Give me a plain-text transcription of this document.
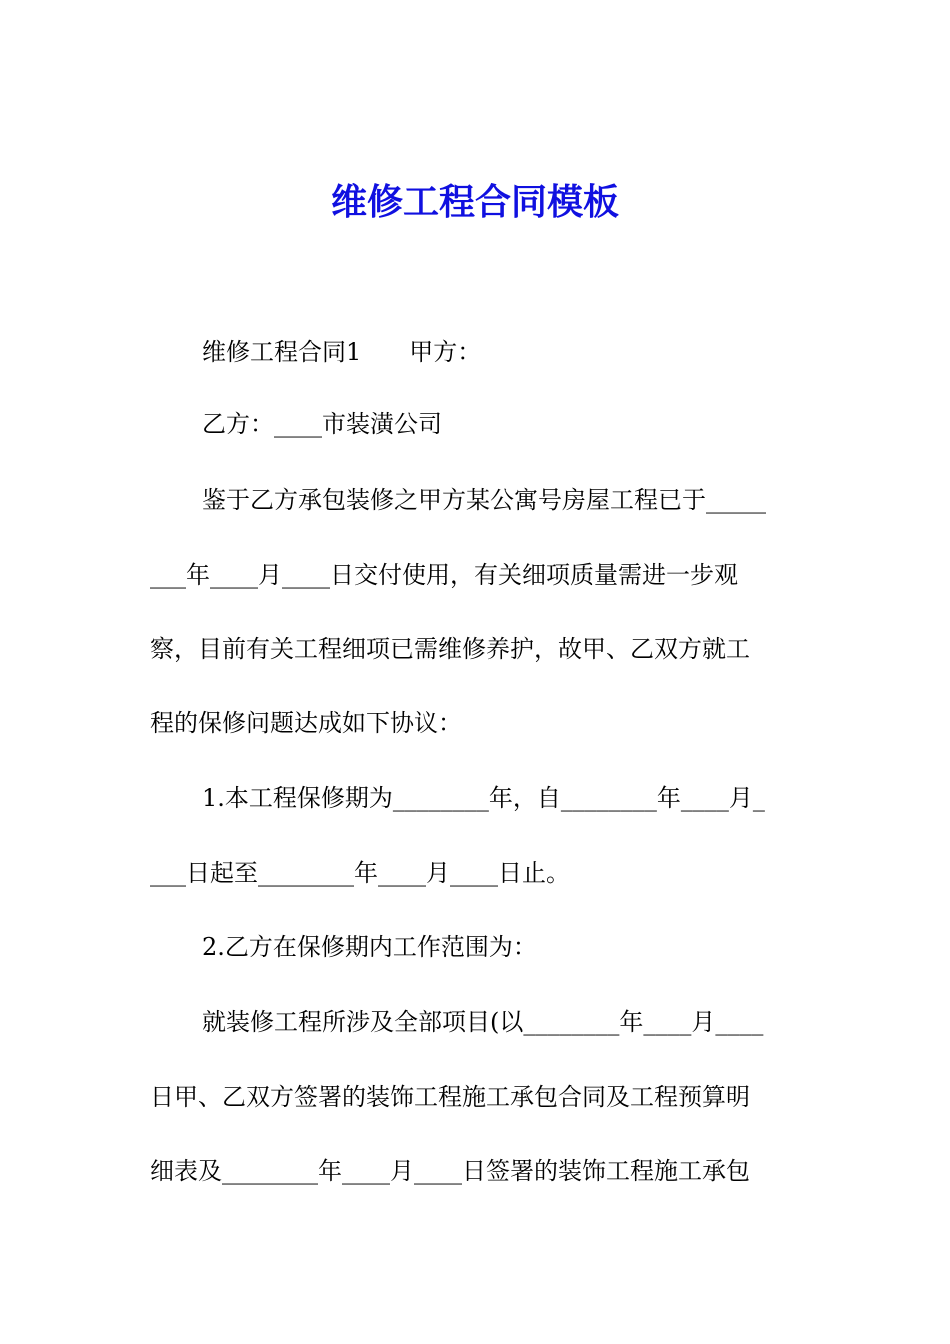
维修工程合同模板
维修工程合同1　　甲方：
乙方：____市装潢公司
鉴于乙方承包装修之甲方某公寓号房屋工程已于_____
___年____月____日交付使用，有关细项质量需进一步观
察，目前有关工程细项已需维修养护，故甲、乙双方就工
程的保修问题达成如下协议：
1.本工程保修期为________年，自________年____月_
___日起至________年____月____日止。
2.乙方在保修期内工作范围为：
就装修工程所涉及全部项目(以________年____月____
日甲、乙双方签署的装饰工程施工承包合同及工程预算明
细表及________年____月____日签署的装饰工程施工承包
